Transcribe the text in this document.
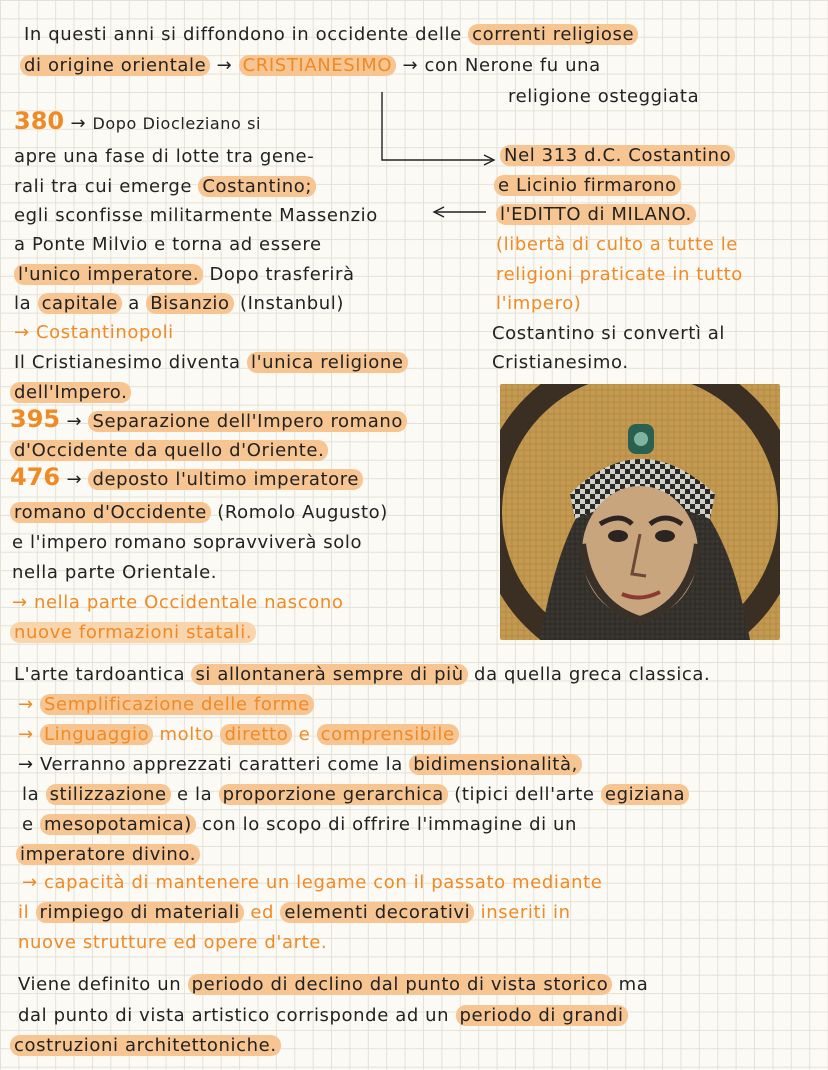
In questi anni si diffondono in occidente delle correnti religiose
di origine orientale → CRISTIANESIMO → con Nerone fu una
religione osteggiata
380 → Dopo Diocleziano si
apre una fase di lotte tra gene-
rali tra cui emerge Costantino;
egli sconfisse militarmente Massenzio
a Ponte Milvio e torna ad essere
l'unico imperatore. Dopo trasferirà
la capitale a Bisanzio (Instanbul)
→ Costantinopoli
Il Cristianesimo diventa l'unica religione
dell'Impero.
395 → Separazione dell'Impero romano
d'Occidente da quello d'Oriente.
476 → deposto l'ultimo imperatore
romano d'Occidente (Romolo Augusto)
e l'impero romano sopravviverà solo
nella parte Orientale.
→ nella parte Occidentale nascono
nuove formazioni statali.
Nel 313 d.C. Costantino
e Licinio firmarono
l'EDITTO di MILANO.
(libertà di culto a tutte le
religioni praticate in tutto
l'impero)
Costantino si convertì al
Cristianesimo.
L'arte tardoantica si allontanerà sempre di più da quella greca classica.
→ Semplificazione delle forme
→ Linguaggio molto diretto e comprensibile
→ Verranno apprezzati caratteri come la bidimensionalità,
la stilizzazione e la proporzione gerarchica (tipici dell'arte egiziana
e mesopotamica) con lo scopo di offrire l'immagine di un
imperatore divino.
→ capacità di mantenere un legame con il passato mediante
il rimpiego di materiali ed elementi decorativi inseriti in
nuove strutture ed opere d'arte.
Viene definito un periodo di declino dal punto di vista storico ma
dal punto di vista artistico corrisponde ad un periodo di grandi
costruzioni architettoniche.
